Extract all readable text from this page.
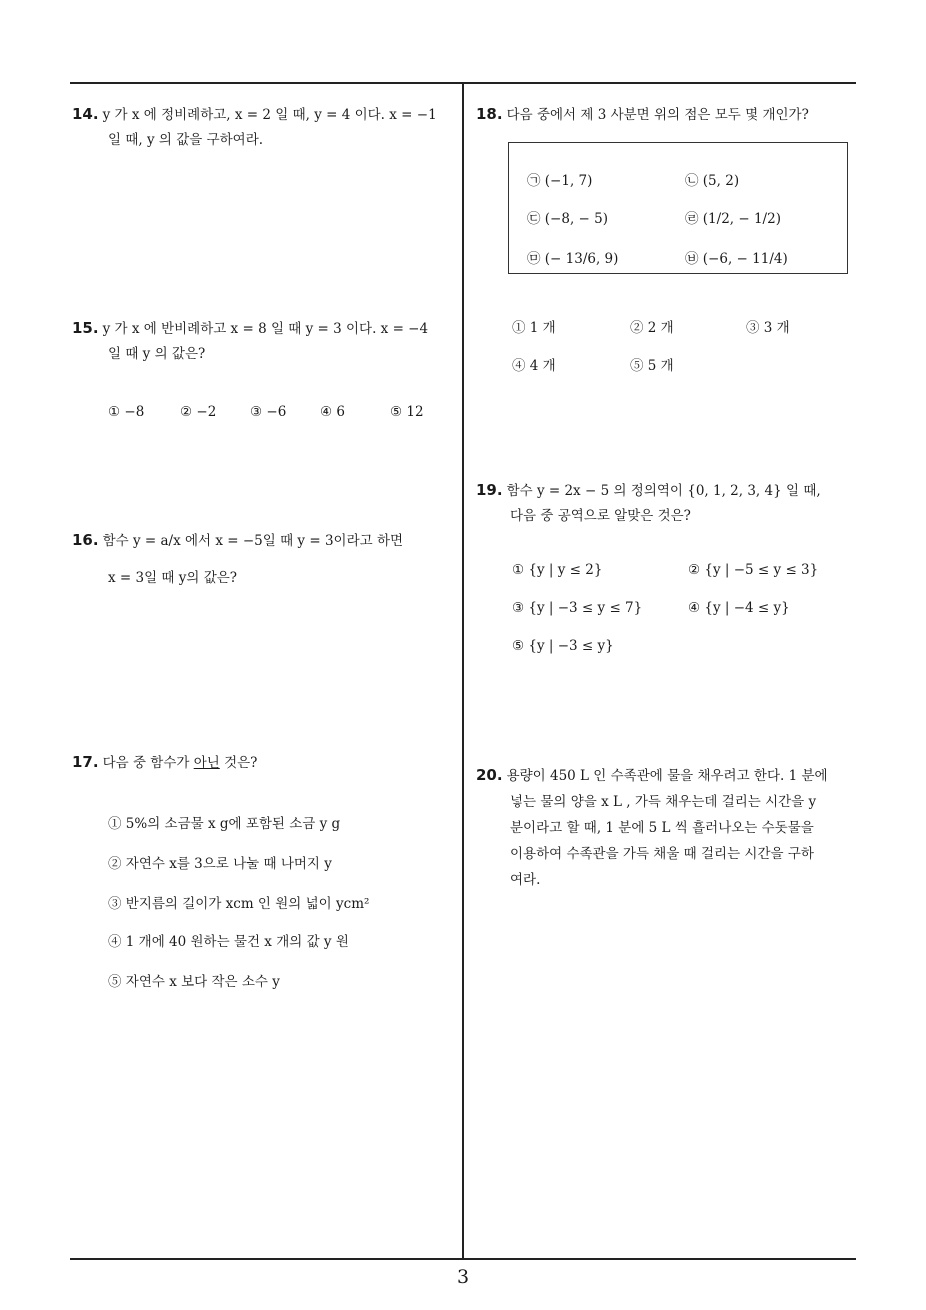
14. y 가 x 에 정비례하고, x = 2 일 때, y = 4 이다. x = −1
일 때, y 의 값을 구하여라.
15. y 가 x 에 반비례하고 x = 8 일 때 y = 3 이다. x = −4
일 때 y 의 값은?
① −8	② −2 ③ −6 ④ 6	⑤ 12
16. 함수 y = a/x 에서 x = −5일 때 y = 3이라고 하면
x = 3일 때 y의 값은?
17. 다음 중 함수가 아닌 것은?
① 5%의 소금물 x g에 포함된 소금 y g
② 자연수 x를 3으로 나눌 때 나머지 y
③ 반지름의 길이가 xcm 인 원의 넓이 ycm²
④ 1 개에 40 원하는 물건 x 개의 값 y 원
⑤ 자연수 x 보다 작은 소수 y
18. 다음 중에서 제 3 사분면 위의 점은 모두 몇 개인가?
㉠ (−1, 7)	㉡ (5, 2)
㉢ (−8, − 5)	㉣ (1/2, − 1/2)
㉤ (− 13/6, 9)	㉥ (−6, − 11/4)
① 1 개	② 2 개	③ 3 개
④ 4 개	⑤ 5 개
19. 함수 y = 2x − 5 의 정의역이 {0, 1, 2, 3, 4} 일 때,
다음 중 공역으로 알맞은 것은?
① {y | y ≤ 2}	② {y | −5 ≤ y ≤ 3}
③ {y | −3 ≤ y ≤ 7}	④ {y | −4 ≤ y}
⑤ {y | −3 ≤ y}
20. 용량이 450 L 인 수족관에 물을 채우려고 한다. 1 분에
넣는 물의 양을 x L , 가득 채우는데 걸리는 시간을 y
분이라고 할 때, 1 분에 5 L 씩 흘러나오는 수돗물을
이용하여 수족관을 가득 채울 때 걸리는 시간을 구하
여라.
3
